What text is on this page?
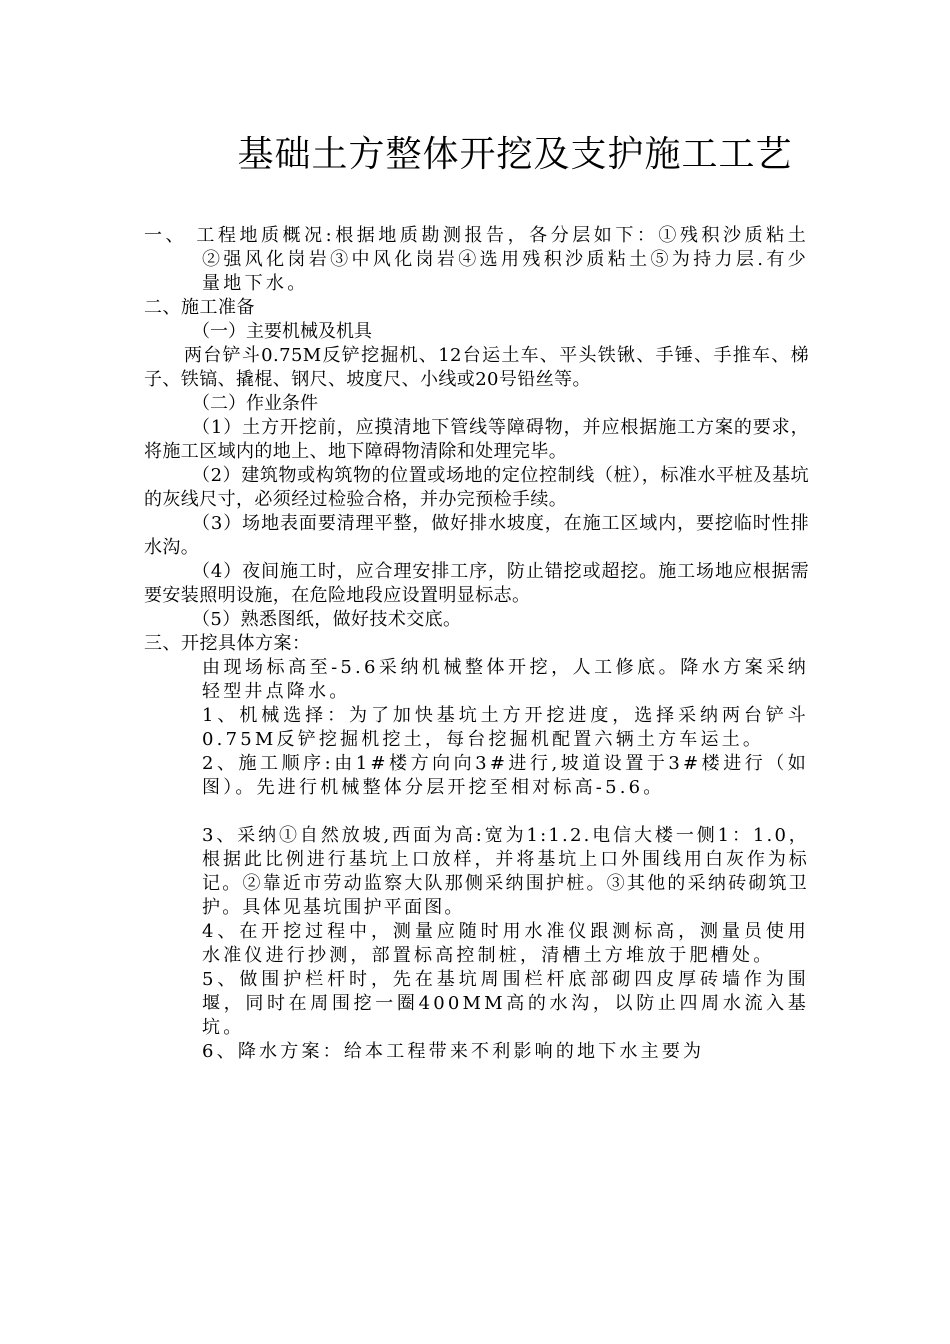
基础土方整体开挖及支护施工工艺

一、 工程地质概况:根据地质勘测报告，各分层如下：①残积沙质粘土②强风化岗岩③中风化岗岩④选用残积沙质粘土⑤为持力层.有少量地下水。

二、施工准备

（一）主要机械及机具

两台铲斗0.75M反铲挖掘机、12台运土车、平头铁锹、手锤、手推车、梯子、铁镐、撬棍、钢尺、坡度尺、小线或20号铅丝等。

（二）作业条件

（1）土方开挖前，应摸清地下管线等障碍物，并应根据施工方案的要求，将施工区域内的地上、地下障碍物清除和处理完毕。

（2）建筑物或构筑物的位置或场地的定位控制线（桩），标准水平桩及基坑的灰线尺寸，必须经过检验合格，并办完预检手续。

（3）场地表面要清理平整，做好排水坡度，在施工区域内，要挖临时性排水沟。

（4）夜间施工时，应合理安排工序，防止错挖或超挖。施工场地应根据需要安装照明设施，在危险地段应设置明显标志。

（5）熟悉图纸，做好技术交底。

三、开挖具体方案：

由现场标高至-5.6采纳机械整体开挖，人工修底。降水方案采纳轻型井点降水。

1、机械选择：为了加快基坑土方开挖进度，选择采纳两台铲斗0.75M反铲挖掘机挖土，每台挖掘机配置六辆土方车运土。

2、施工顺序:由1#楼方向向3#进行,坡道设置于3#楼进行（如图）。先进行机械整体分层开挖至相对标高-5.6。

3、采纳①自然放坡,西面为高:宽为1:1.2.电信大楼一侧1：1.0，根据此比例进行基坑上口放样，并将基坑上口外围线用白灰作为标记。②靠近市劳动监察大队那侧采纳围护桩。③其他的采纳砖砌筑卫护。具体见基坑围护平面图。

4、在开挖过程中，测量应随时用水准仪跟测标高，测量员使用水准仪进行抄测，部置标高控制桩，清槽土方堆放于肥槽处。

5、做围护栏杆时，先在基坑周围栏杆底部砌四皮厚砖墙作为围堰，同时在周围挖一圈400MM高的水沟，以防止四周水流入基坑。

6、降水方案：给本工程带来不利影响的地下水主要为
